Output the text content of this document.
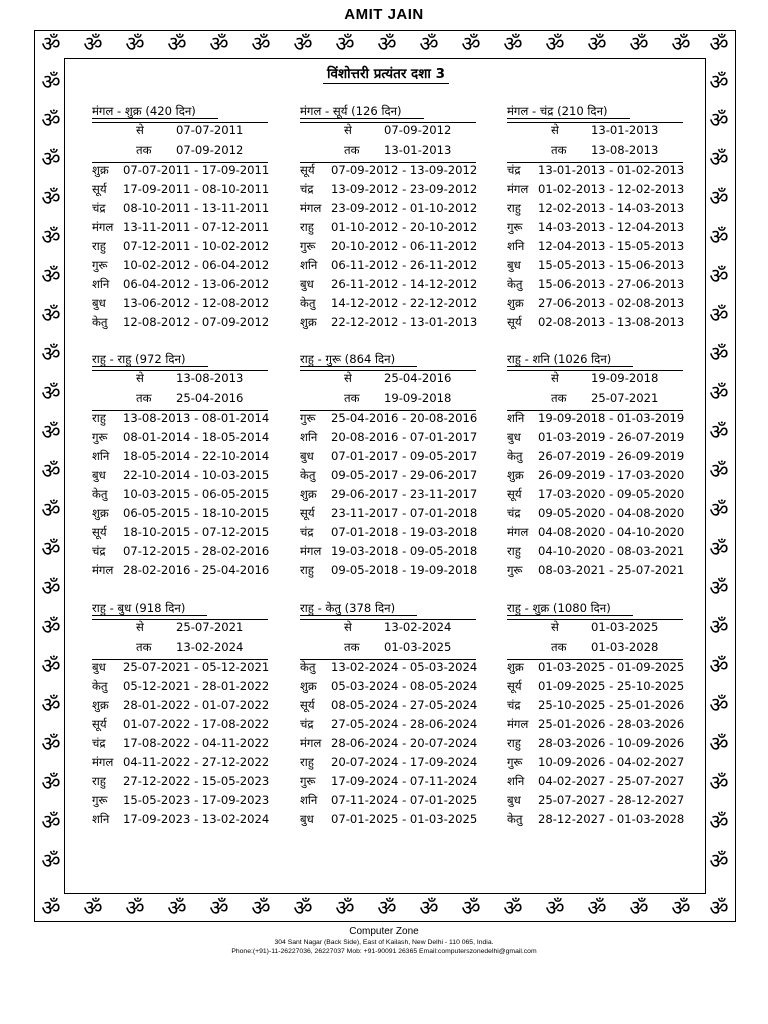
AMIT JAIN
ॐ	ॐ	ॐ	ॐ	ॐ	ॐ	ॐ	ॐ	ॐ	ॐ	ॐ	ॐ	ॐ	ॐ	ॐ	ॐ ॐ
ॐ	ॐ	ॐ	ॐ	ॐ	ॐ	ॐ	ॐ	ॐ	ॐ	ॐ	ॐ	ॐ	ॐ	ॐ	ॐ ॐ
ॐ	ॐ
ॐ	ॐ
ॐ	ॐ
ॐ	ॐ
ॐ	ॐ
ॐ	ॐ
ॐ	ॐ
ॐ	ॐ
ॐ	ॐ
ॐ	ॐ
ॐ	ॐ
ॐ	ॐ
ॐ	ॐ
ॐ	ॐ
ॐ	ॐ
ॐ	ॐ
ॐ	ॐ
ॐ	ॐ
ॐ	ॐ
ॐ	ॐ
ॐ	ॐ
विंशोत्तरी प्रत्यंतर दशा 3
मंगल - शुक्र (420 दिन)
से	07-07-2011
तक 07-09-2012
शुक्र 07-07-2011 - 17-09-2011
सूर्य 17-09-2011 - 08-10-2011
चंद्र 08-10-2011 - 13-11-2011
मंगल 13-11-2011 - 07-12-2011
राहु 07-12-2011 - 10-02-2012
गुरू 10-02-2012 - 06-04-2012
शनि 06-04-2012 - 13-06-2012
बुध 13-06-2012 - 12-08-2012
केतु 12-08-2012 - 07-09-2012
मंगल - सूर्य (126 दिन)
से	07-09-2012
तक 13-01-2013
सूर्य 07-09-2012 - 13-09-2012
चंद्र 13-09-2012 - 23-09-2012
मंगल 23-09-2012 - 01-10-2012
राहु 01-10-2012 - 20-10-2012
गुरू 20-10-2012 - 06-11-2012
शनि 06-11-2012 - 26-11-2012
बुध 26-11-2012 - 14-12-2012
केतु 14-12-2012 - 22-12-2012
शुक्र 22-12-2012 - 13-01-2013
मंगल - चंद्र (210 दिन)
से	13-01-2013
तक 13-08-2013
चंद्र 13-01-2013 - 01-02-2013
मंगल 01-02-2013 - 12-02-2013
राहु 12-02-2013 - 14-03-2013
गुरू 14-03-2013 - 12-04-2013
शनि 12-04-2013 - 15-05-2013
बुध 15-05-2013 - 15-06-2013
केतु 15-06-2013 - 27-06-2013
शुक्र 27-06-2013 - 02-08-2013
सूर्य 02-08-2013 - 13-08-2013
राहु - राहु (972 दिन)
से	13-08-2013
तक 25-04-2016
राहु 13-08-2013 - 08-01-2014
गुरू 08-01-2014 - 18-05-2014
शनि 18-05-2014 - 22-10-2014
बुध 22-10-2014 - 10-03-2015
केतु 10-03-2015 - 06-05-2015
शुक्र 06-05-2015 - 18-10-2015
सूर्य 18-10-2015 - 07-12-2015
चंद्र 07-12-2015 - 28-02-2016
मंगल 28-02-2016 - 25-04-2016
राहु - गुरू (864 दिन)
से	25-04-2016
तक 19-09-2018
गुरू 25-04-2016 - 20-08-2016
शनि 20-08-2016 - 07-01-2017
बुध 07-01-2017 - 09-05-2017
केतु 09-05-2017 - 29-06-2017
शुक्र 29-06-2017 - 23-11-2017
सूर्य 23-11-2017 - 07-01-2018
चंद्र 07-01-2018 - 19-03-2018
मंगल 19-03-2018 - 09-05-2018
राहु 09-05-2018 - 19-09-2018
राहु - शनि (1026 दिन)
से	19-09-2018
तक 25-07-2021
शनि 19-09-2018 - 01-03-2019
बुध 01-03-2019 - 26-07-2019
केतु 26-07-2019 - 26-09-2019
शुक्र 26-09-2019 - 17-03-2020
सूर्य 17-03-2020 - 09-05-2020
चंद्र 09-05-2020 - 04-08-2020
मंगल 04-08-2020 - 04-10-2020
राहु 04-10-2020 - 08-03-2021
गुरू 08-03-2021 - 25-07-2021
राहु - बुध (918 दिन)
से	25-07-2021
तक 13-02-2024
बुध 25-07-2021 - 05-12-2021
केतु 05-12-2021 - 28-01-2022
शुक्र 28-01-2022 - 01-07-2022
सूर्य 01-07-2022 - 17-08-2022
चंद्र 17-08-2022 - 04-11-2022
मंगल 04-11-2022 - 27-12-2022
राहु 27-12-2022 - 15-05-2023
गुरू 15-05-2023 - 17-09-2023
शनि 17-09-2023 - 13-02-2024
राहु - केतु (378 दिन)
से	13-02-2024
तक 01-03-2025
केतु 13-02-2024 - 05-03-2024
शुक्र 05-03-2024 - 08-05-2024
सूर्य 08-05-2024 - 27-05-2024
चंद्र 27-05-2024 - 28-06-2024
मंगल 28-06-2024 - 20-07-2024
राहु 20-07-2024 - 17-09-2024
गुरू 17-09-2024 - 07-11-2024
शनि 07-11-2024 - 07-01-2025
बुध 07-01-2025 - 01-03-2025
राहु - शुक्र (1080 दिन)
से	01-03-2025
तक 01-03-2028
शुक्र 01-03-2025 - 01-09-2025
सूर्य 01-09-2025 - 25-10-2025
चंद्र 25-10-2025 - 25-01-2026
मंगल 25-01-2026 - 28-03-2026
राहु 28-03-2026 - 10-09-2026
गुरू 10-09-2026 - 04-02-2027
शनि 04-02-2027 - 25-07-2027
बुध 25-07-2027 - 28-12-2027
केतु 28-12-2027 - 01-03-2028
Computer Zone
304 Sant Nagar (Back Side), East of Kailash, New Delhi - 110 065, India.
Phone:(+91)-11-26227036, 26227037 Mob: +91-90091 26365 Email:computerszonedelhi@gmail.com
